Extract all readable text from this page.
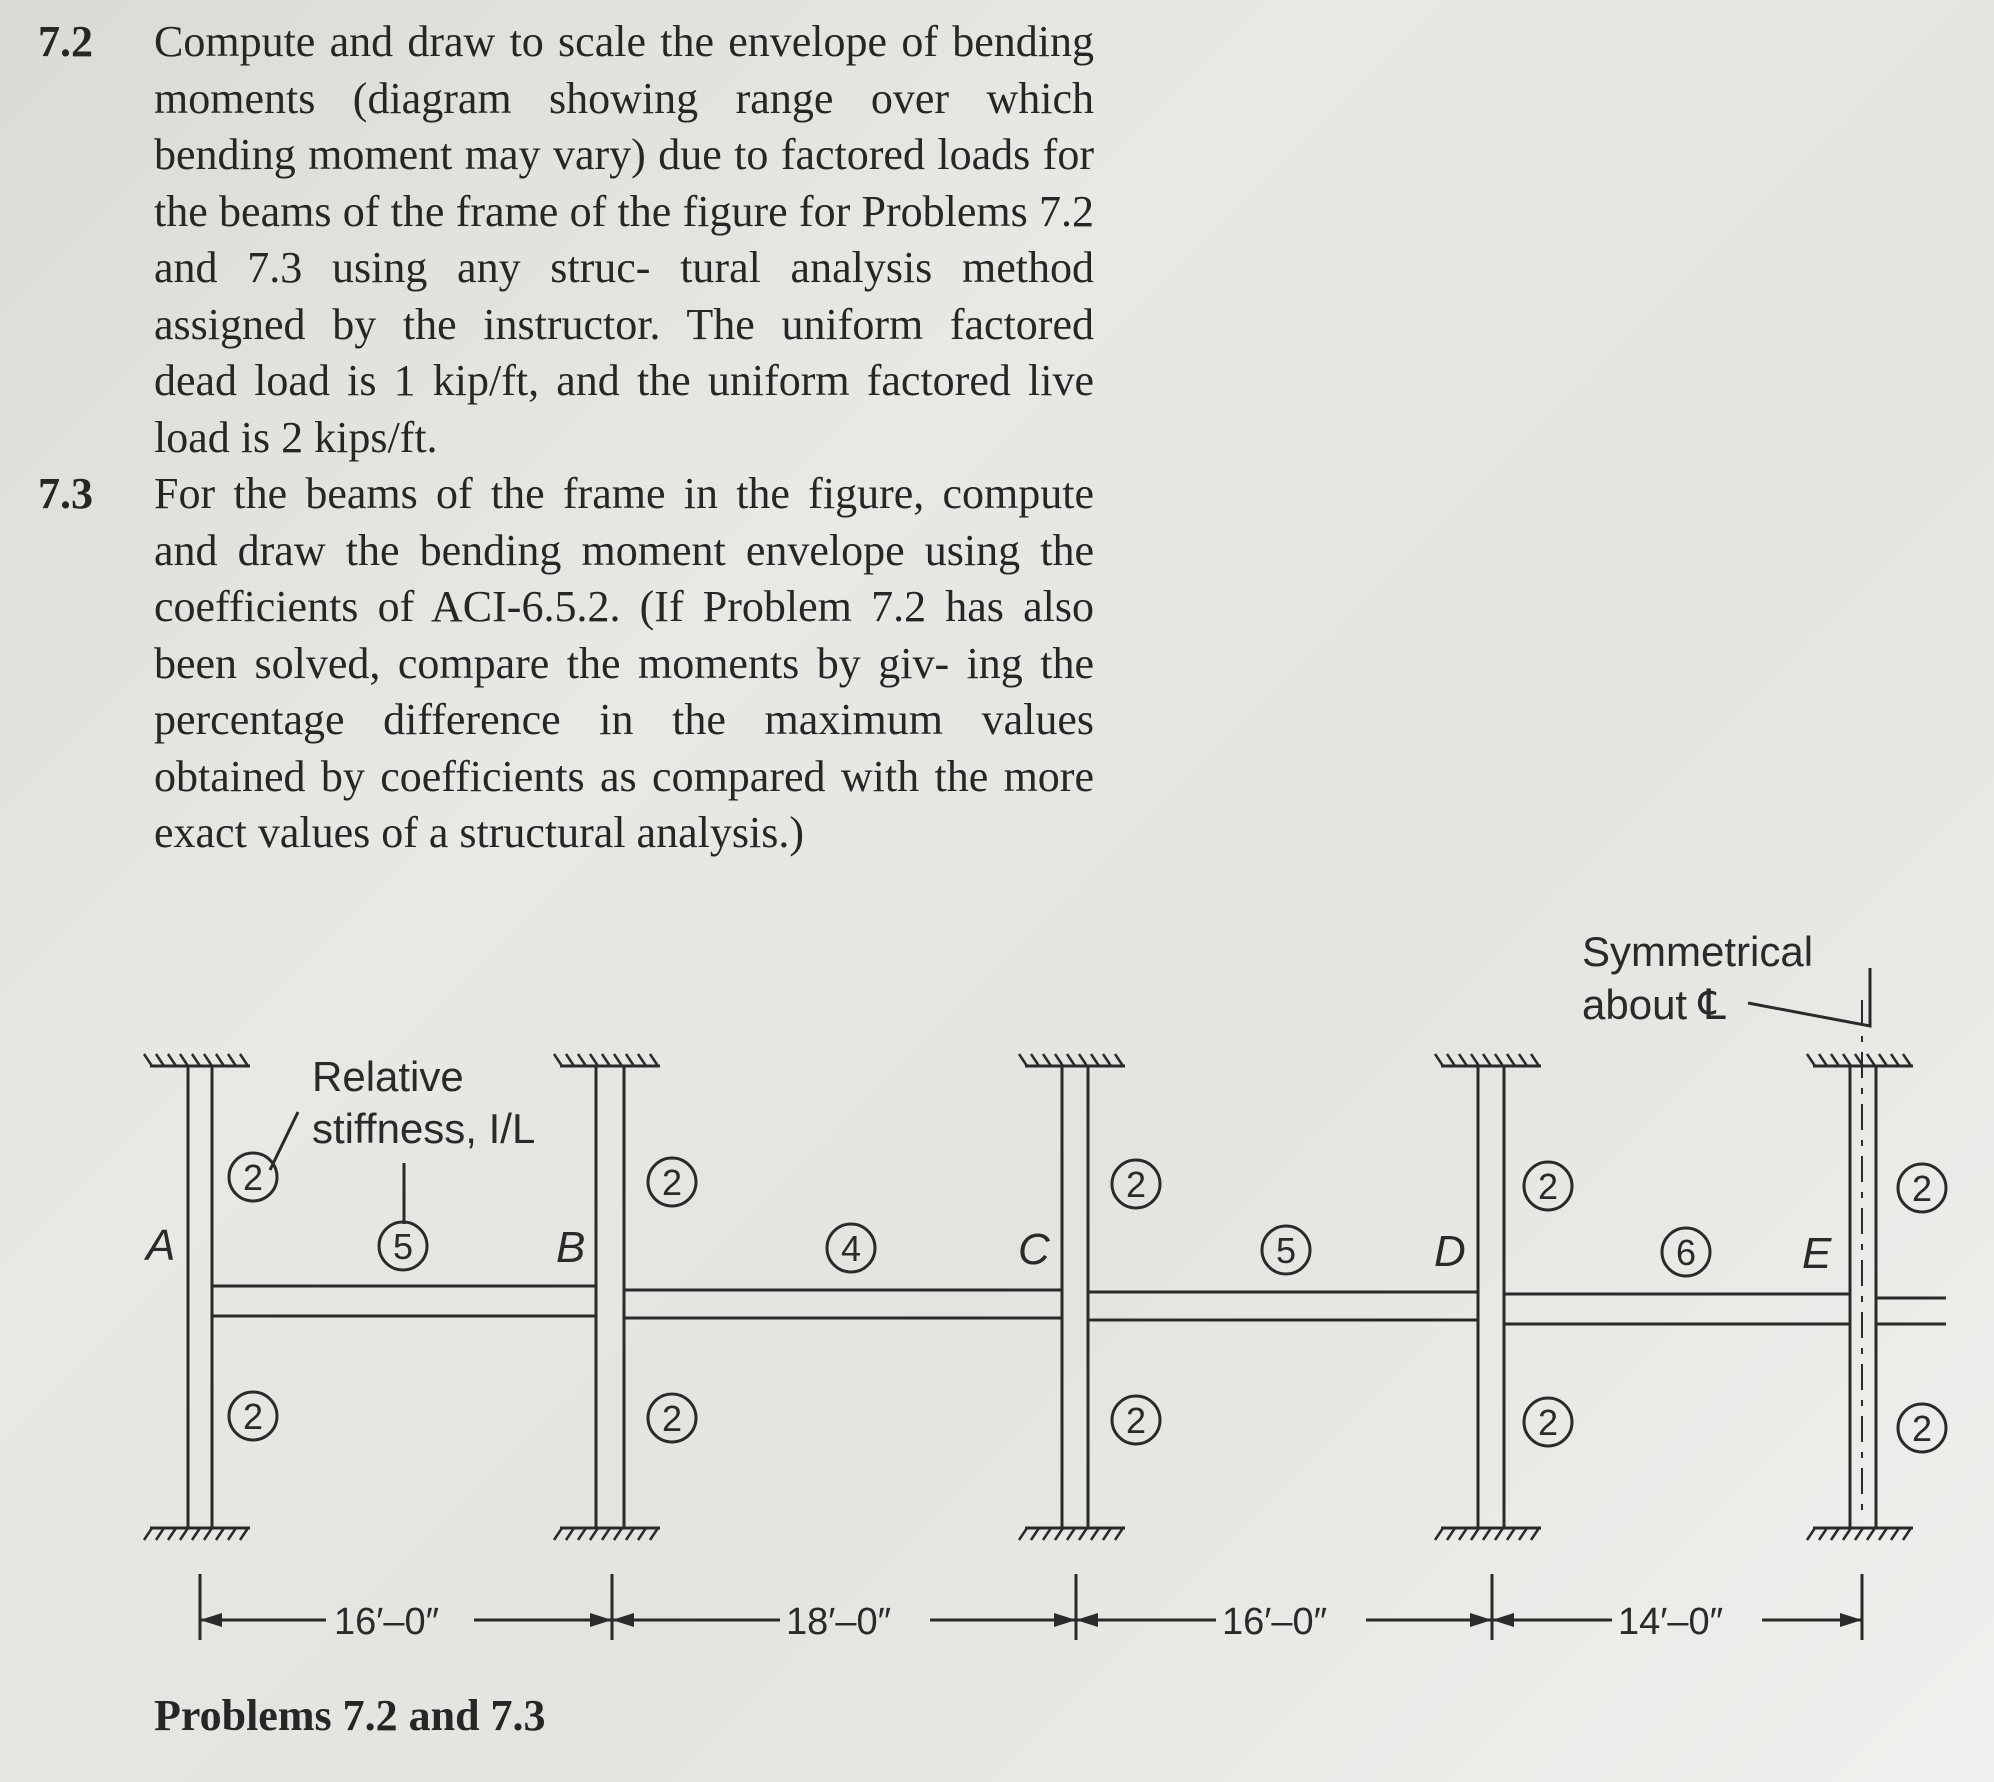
7.2	Compute and draw to scale the envelope of bending moments (diagram showing range over which bending moment may vary) due to factored loads for the beams of the frame of the figure for Problems 7.2 and 7.3 using any struc- tural analysis method assigned by the instructor. The uniform factored dead load is 1 kip/ft, and the uniform factored live load is 2 kips/ft.
7.3	For the beams of the frame in the figure, compute and draw the bending moment envelope using the coefficients of ACI-6.5.2. (If Problem 7.2 has also been solved, compare the moments by giv- ing the percentage difference in the maximum values obtained by coefficients as compared with the more exact values of a structural analysis.)
Relative
stiffness, I/L
Symmetrical
about ℄
A	B	C	D	E
5	4	5	6
2	2	2	2	2
2	2	2	2	2
16′–0″	18′–0″	16′–0″	14′–0″
Problems 7.2 and 7.3
